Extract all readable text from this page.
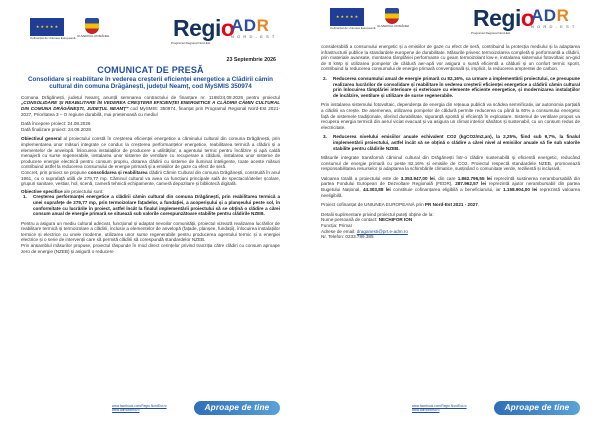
★ ★ ★ ★ ★
Cofinanțat de Uniunea Europeană GUVERNUL ROMÂNIEI	Regio
Programul Regional Nord-Est
ADR
NORD-EST
23 Septembrie 2026
COMUNICAT DE PRESĂ
Consolidare și reabilitare în vederea creșterii eficienței energetice a Clădirii cămin cultural din comuna Drăgănești, județul Neamț, cod MySMIS 350974

Comuna Drăgănești, județul Neamț, anunță semnarea contractului de finanțare nr. 1168/24.08.2026 pentru proiectul „CONSOLIDARE ȘI REABILITARE ÎN VEDEREA CREȘTERII EFICIENȚEI ENERGETICE A CLĂDIRII CĂMIN CULTURAL DIN COMUNA DRĂGĂNEȘTI, JUDEȚUL NEAMȚ” cod MySMIS: 350974, finanțat prin Programul Regional Nord-Est 2021-2027, Prioritatea 3 – O regiune durabilă, mai prietenoasă cu mediul

Dată începere proiect: 24.08.2026

Dată finalizare proiect: 24.08.2028

Obiectivul general al proiectului constă în creșterea eficienței energetice a căminului cultural din comuna Drăgănești, prin implementarea unor măsuri integrate ce conduc la creșterea performanțelor energetice, reabilitarea termică a clădirii și a elementelor de anvelopă. Înlocuirea instalațiilor de producere a utilităților, a agentului termic pentru încălzire și apă caldă menajeră cu surse regenerabile, instalarea unor sisteme de ventilare cu recuperare a căldurii, instalarea unor sisteme de producere energie electrică pentru consum propriu, dotarea clădirii cu sisteme de iluminat inteligente, toate aceste măsuri contribuind astfel la reducerea consumului de energie primară și a emisiilor de gaze cu efect de seră.

Concret, prin proiect se propune consolidarea și reabilitarea clădirii Cămin Cultural din comuna Drăgănești, construită în anul 1961, cu o suprafață utilă de 279,77 mp. Căminul cultural va avea ca funcțiuni principale sală de spectacol/atelier școlare, grupuri sanitare, vestiar, hol, scenă, cameră tehnică echipamente, cameră depozitare și bibliotecă digitală.

Obiective specifice ale proiectului sunt:

1.	Creșterea performanței energetice a clădirii cămin cultural din comuna Drăgănești, prin reabilitarea termică a unei suprafețe de 279,77 mp, prin termoizolare fațadelor, a fundației, a acoperișului și a planșeului peste sol, în conformitate cu lucrările în proiect, astfel încât la finalul implementării proiectului să se obțină o clădire a cărei consum anual de energie primară se situează sub valorile corespunzătoare stabilite pentru clădirile NZEB.

Pentru a asigura un mediu cultural adecvat, funcțional și adaptat nevoilor comunității, proiectul vizează realizarea lucrărilor de reabilitare termică și termoizolare a clădirii, inclusiv a elementelor de anvelopă (fațade, planșee, fundații), înlocuirea instalațiilor termice și electrice cu unele moderne, utilizarea unor surse regenerabile pentru producerea agentului termic și a energiei electrice și o serie de intervenții care să permită clădirii să corespundă standardelor NZEB.

Prin ansamblul măsurilor propuse, proiectul răspunde în mod direct cerințelor privind tranziția către clădiri cu consum aproape zero de energie (NZEB) și asigură o reducere

www.facebook.com/Regio.NordEst.ro
www.adrnordest.ro	Aproape de tine
★ ★ ★ ★ ★
Cofinanțat de Uniunea Europeană GUVERNUL ROMÂNIEI	Regio
Programul Regional Nord-Est
ADR
NORD-EST

considerabilă a consumului energetic și a emisiilor de gaze cu efect de seră, contribuind la protecția mediului și la adaptarea infrastructurii publice la standardele europene de durabilitate. Măsurile privesc termoizolarea completă și performantă a clădirii, prin materiale avansate, montarea tâmplăriei performante cu geam termoizolant low-e, instalarea sistemului fotovoltaic on-grid de 8 kWp și utilizarea pompelor de căldură aer-apă vor asigura o sursă eficientă a căldurii și un confort termic sporit, contribuind la reducerea consumului de energie primară convențională și, implicit, la reducerea amprentei de carbon.

2.	Reducerea consumului anual de energie primară cu 82,16%, ca urmare a implementării proiectului, ce presupune realizarea lucrărilor de consolidare și reabilitare în vederea creșterii eficienței energetice a clădirii cămin cultural prin înlocuirea tâmplăriei interioare și exterioare cu elemente eficiente energetice, și modernizarea instalațiilor de încălzire, ventilare și utilizare de surse regenerabile.

Prin instalarea sistemului fotovoltaic, dependența de energia din rețeaua publică va scădea semnificativ, iar autonomia parțială a clădirii va crește. De asemenea, utilizarea pompelor de căldură permite reducerea cu până la 60% a consumului energetic față de sistemele tradiționale, oferind durabilitate, siguranță sporită și eficiență în exploatare. Sistemul de ventilare propus va recupera energia termică din aerul viciat evacuat și va asigura un climat interior sănătos și sustenabil, cu un consum redus de electricitate.

3.	Reducerea nivelului emisiilor anuale echivalent CO2 (kgCO2/m2,an), la 2,25%, fiind sub 9,7%, la finalul implementării proiectului, astfel încât să se obțină o clădire a cărei nivel al emisiilor anuale să fie sub valorile stabilite pentru clădirile NZEB.

Măsurile integrate transformă căminul cultural din Drăgănești într-o clădire sustenabilă și eficientă energetic, reducând consumul de energie primară cu peste 82,16% și emisiile de CO2. Proiectul respectă standardele NZEB, promovează responsabilitatea resurselor și adaptarea la schimbările climatice, susținând o comunitate verde, rezilientă și inclusivă.

Valoarea totală a proiectului este de 3.353.947,00 lei, din care 1.862.796,55 lei reprezintă sustinerea nerambursabilă din partea Fondului European de Dezvoltare Regională (FEDR), 287.962,57 lei reprezintă ajutor nerambursabil din partea Bugetului Național, 44.303,88 lei constituie cofinanțarea eligibilă a beneficiarului, iar 1.158.904,00 lei reprezintă valoarea neeligibilă.

Proiect cofinanțat de UNIUNEA EUROPEANĂ prin PR Nord-Est 2021 - 2027.

Detalii suplimentare privind proiectul puteți obține de la:

Nume persoană de contact: NECHIFOR ION

Funcția: Primar

Adrese de email: draganesti@prt.e-adm.ro

Nr. Telefon: 0233.789.385

www.facebook.com/Regio.NordEst.ro
www.adrnordest.ro	Aproape de tine
